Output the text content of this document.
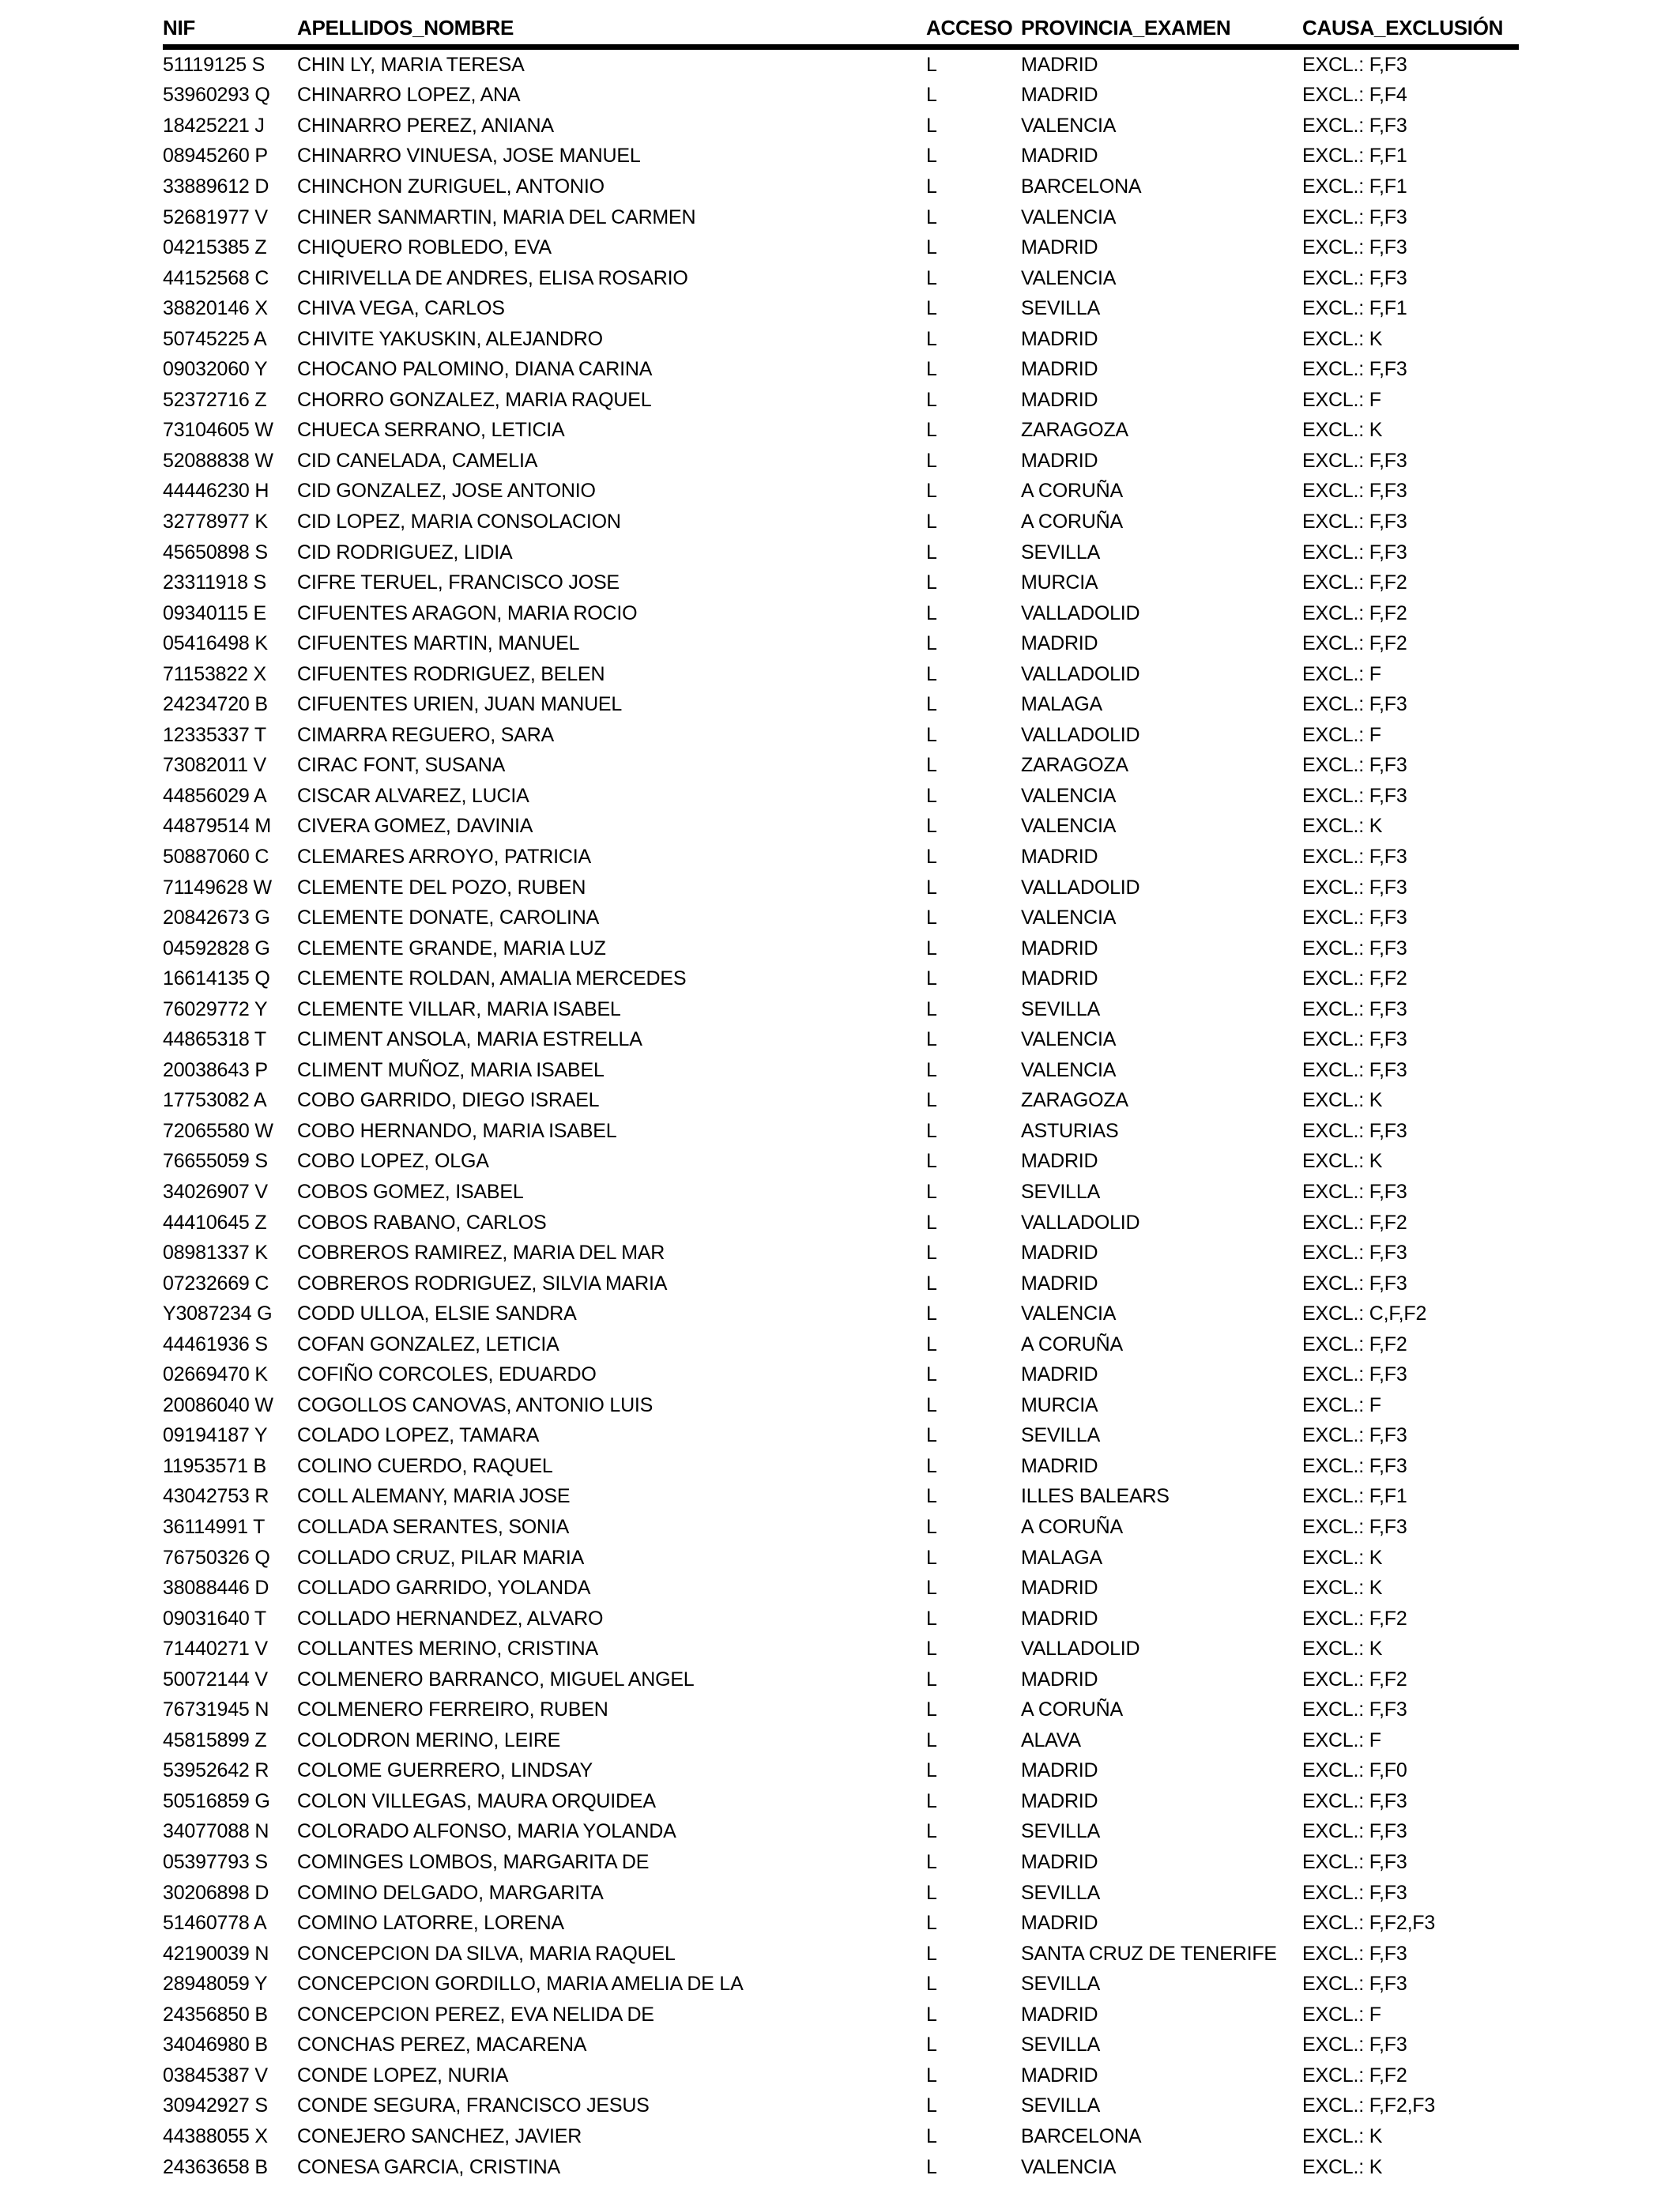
NIF	APELLIDOS_NOMBRE	ACCESO PROVINCIA_EXAMEN	CAUSA_EXCLUSIÓN
51119125 S	CHIN LY, MARIA TERESA	L	MADRID	EXCL.: F,F3
53960293 Q	CHINARRO LOPEZ, ANA	L	MADRID	EXCL.: F,F4
18425221 J	CHINARRO PEREZ, ANIANA	L	VALENCIA	EXCL.: F,F3
08945260 P	CHINARRO VINUESA, JOSE MANUEL	L	MADRID	EXCL.: F,F1
33889612 D	CHINCHON ZURIGUEL, ANTONIO	L	BARCELONA	EXCL.: F,F1
52681977 V	CHINER SANMARTIN, MARIA DEL CARMEN	L	VALENCIA	EXCL.: F,F3
04215385 Z	CHIQUERO ROBLEDO, EVA	L	MADRID	EXCL.: F,F3
44152568 C	CHIRIVELLA DE ANDRES, ELISA ROSARIO	L	VALENCIA	EXCL.: F,F3
38820146 X	CHIVA VEGA, CARLOS	L	SEVILLA	EXCL.: F,F1
50745225 A	CHIVITE YAKUSKIN, ALEJANDRO	L	MADRID	EXCL.: K
09032060 Y	CHOCANO PALOMINO, DIANA CARINA	L	MADRID	EXCL.: F,F3
52372716 Z	CHORRO GONZALEZ, MARIA RAQUEL	L	MADRID	EXCL.: F
73104605 W	CHUECA SERRANO, LETICIA	L	ZARAGOZA	EXCL.: K
52088838 W	CID CANELADA, CAMELIA	L	MADRID	EXCL.: F,F3
44446230 H	CID GONZALEZ, JOSE ANTONIO	L	A CORUÑA	EXCL.: F,F3
32778977 K	CID LOPEZ, MARIA CONSOLACION	L	A CORUÑA	EXCL.: F,F3
45650898 S	CID RODRIGUEZ, LIDIA	L	SEVILLA	EXCL.: F,F3
23311918 S	CIFRE TERUEL, FRANCISCO JOSE	L	MURCIA	EXCL.: F,F2
09340115 E	CIFUENTES ARAGON, MARIA ROCIO	L	VALLADOLID	EXCL.: F,F2
05416498 K	CIFUENTES MARTIN, MANUEL	L	MADRID	EXCL.: F,F2
71153822 X	CIFUENTES RODRIGUEZ, BELEN	L	VALLADOLID	EXCL.: F
24234720 B	CIFUENTES URIEN, JUAN MANUEL	L	MALAGA	EXCL.: F,F3
12335337 T	CIMARRA REGUERO, SARA	L	VALLADOLID	EXCL.: F
73082011 V	CIRAC FONT, SUSANA	L	ZARAGOZA	EXCL.: F,F3
44856029 A	CISCAR ALVAREZ, LUCIA	L	VALENCIA	EXCL.: F,F3
44879514 M	CIVERA GOMEZ, DAVINIA	L	VALENCIA	EXCL.: K
50887060 C	CLEMARES ARROYO, PATRICIA	L	MADRID	EXCL.: F,F3
71149628 W	CLEMENTE DEL POZO, RUBEN	L	VALLADOLID	EXCL.: F,F3
20842673 G	CLEMENTE DONATE, CAROLINA	L	VALENCIA	EXCL.: F,F3
04592828 G	CLEMENTE GRANDE, MARIA LUZ	L	MADRID	EXCL.: F,F3
16614135 Q	CLEMENTE ROLDAN, AMALIA MERCEDES	L	MADRID	EXCL.: F,F2
76029772 Y	CLEMENTE VILLAR, MARIA ISABEL	L	SEVILLA	EXCL.: F,F3
44865318 T	CLIMENT ANSOLA, MARIA ESTRELLA	L	VALENCIA	EXCL.: F,F3
20038643 P	CLIMENT MUÑOZ, MARIA ISABEL	L	VALENCIA	EXCL.: F,F3
17753082 A	COBO GARRIDO, DIEGO ISRAEL	L	ZARAGOZA	EXCL.: K
72065580 W	COBO HERNANDO, MARIA ISABEL	L	ASTURIAS	EXCL.: F,F3
76655059 S	COBO LOPEZ, OLGA	L	MADRID	EXCL.: K
34026907 V	COBOS GOMEZ, ISABEL	L	SEVILLA	EXCL.: F,F3
44410645 Z	COBOS RABANO, CARLOS	L	VALLADOLID	EXCL.: F,F2
08981337 K	COBREROS RAMIREZ, MARIA DEL MAR	L	MADRID	EXCL.: F,F3
07232669 C	COBREROS RODRIGUEZ, SILVIA MARIA	L	MADRID	EXCL.: F,F3
Y3087234 G	CODD ULLOA, ELSIE SANDRA	L	VALENCIA	EXCL.: C,F,F2
44461936 S	COFAN GONZALEZ, LETICIA	L	A CORUÑA	EXCL.: F,F2
02669470 K	COFIÑO CORCOLES, EDUARDO	L	MADRID	EXCL.: F,F3
20086040 W	COGOLLOS CANOVAS, ANTONIO LUIS	L	MURCIA	EXCL.: F
09194187 Y	COLADO LOPEZ, TAMARA	L	SEVILLA	EXCL.: F,F3
11953571 B	COLINO CUERDO, RAQUEL	L	MADRID	EXCL.: F,F3
43042753 R	COLL ALEMANY, MARIA JOSE	L	ILLES BALEARS	EXCL.: F,F1
36114991 T	COLLADA SERANTES, SONIA	L	A CORUÑA	EXCL.: F,F3
76750326 Q	COLLADO CRUZ, PILAR MARIA	L	MALAGA	EXCL.: K
38088446 D	COLLADO GARRIDO, YOLANDA	L	MADRID	EXCL.: K
09031640 T	COLLADO HERNANDEZ, ALVARO	L	MADRID	EXCL.: F,F2
71440271 V	COLLANTES MERINO, CRISTINA	L	VALLADOLID	EXCL.: K
50072144 V	COLMENERO BARRANCO, MIGUEL ANGEL	L	MADRID	EXCL.: F,F2
76731945 N	COLMENERO FERREIRO, RUBEN	L	A CORUÑA	EXCL.: F,F3
45815899 Z	COLODRON MERINO, LEIRE	L	ALAVA	EXCL.: F
53952642 R	COLOME GUERRERO, LINDSAY	L	MADRID	EXCL.: F,F0
50516859 G	COLON VILLEGAS, MAURA ORQUIDEA	L	MADRID	EXCL.: F,F3
34077088 N	COLORADO ALFONSO, MARIA YOLANDA	L	SEVILLA	EXCL.: F,F3
05397793 S	COMINGES LOMBOS, MARGARITA DE	L	MADRID	EXCL.: F,F3
30206898 D	COMINO DELGADO, MARGARITA	L	SEVILLA	EXCL.: F,F3
51460778 A	COMINO LATORRE, LORENA	L	MADRID	EXCL.: F,F2,F3
42190039 N	CONCEPCION DA SILVA, MARIA RAQUEL	L	SANTA CRUZ DE TENERIFE	EXCL.: F,F3
28948059 Y	CONCEPCION GORDILLO, MARIA AMELIA DE LA	L	SEVILLA	EXCL.: F,F3
24356850 B	CONCEPCION PEREZ, EVA NELIDA DE	L	MADRID	EXCL.: F
34046980 B	CONCHAS PEREZ, MACARENA	L	SEVILLA	EXCL.: F,F3
03845387 V	CONDE LOPEZ, NURIA	L	MADRID	EXCL.: F,F2
30942927 S	CONDE SEGURA, FRANCISCO JESUS	L	SEVILLA	EXCL.: F,F2,F3
44388055 X	CONEJERO SANCHEZ, JAVIER	L	BARCELONA	EXCL.: K
24363658 B	CONESA GARCIA, CRISTINA	L	VALENCIA	EXCL.: K
